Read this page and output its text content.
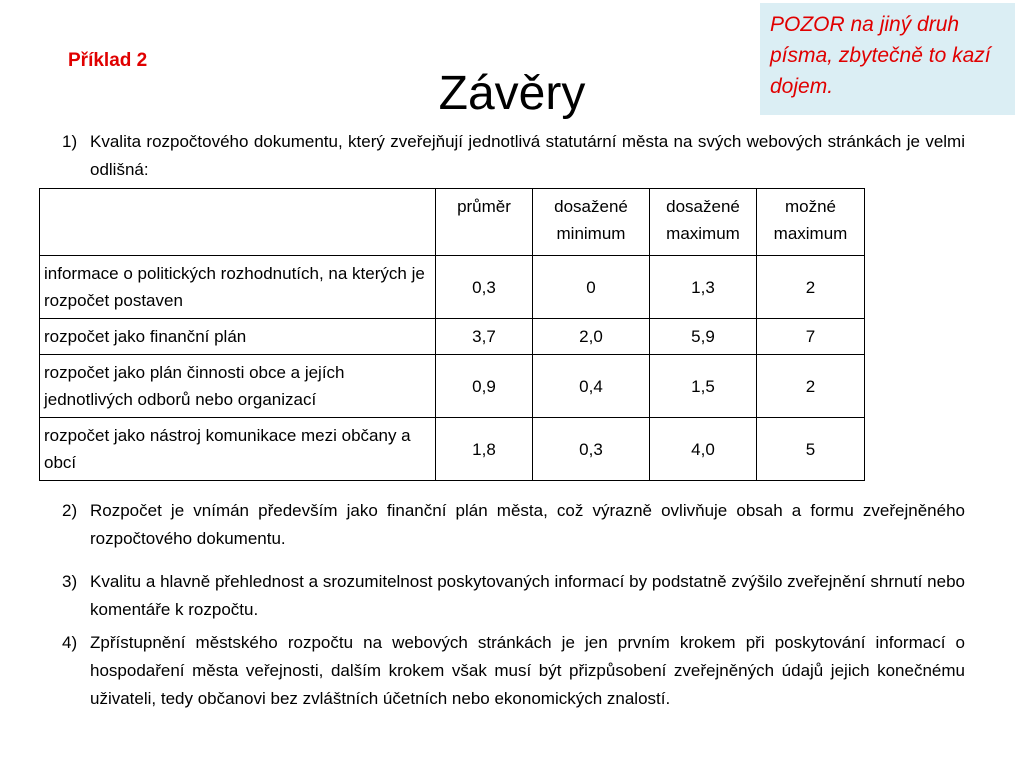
Příklad 2
Závěry
POZOR na jiný druh písma, zbytečně to kazí dojem.
1) Kvalita rozpočtového dokumentu, který zveřejňují jednotlivá statutární města na svých webových stránkách je velmi odlišná:
	průměr	dosažené minimum	dosažené maximum	možné maximum
informace o politických rozhodnutích, na kterých je rozpočet postaven	0,3	0	1,3	2
rozpočet jako finanční plán	3,7	2,0	5,9	7
rozpočet jako plán činnosti obce a jejích jednotlivých odborů nebo organizací	0,9	0,4	1,5	2
rozpočet jako nástroj komunikace mezi občany a obcí	1,8	0,3	4,0	5
2) Rozpočet je vnímán především jako finanční plán města, což výrazně ovlivňuje obsah a formu zveřejněného rozpočtového dokumentu.
3) Kvalitu a hlavně přehlednost a srozumitelnost poskytovaných informací by podstatně zvýšilo zveřejnění shrnutí nebo komentáře k rozpočtu.
4) Zpřístupnění městského rozpočtu na webových stránkách je jen prvním krokem při poskytování informací o hospodaření města veřejnosti, dalším krokem však musí být přizpůsobení zveřejněných údajů jejich konečnému uživateli, tedy občanovi bez zvláštních účetních nebo ekonomických znalostí.
